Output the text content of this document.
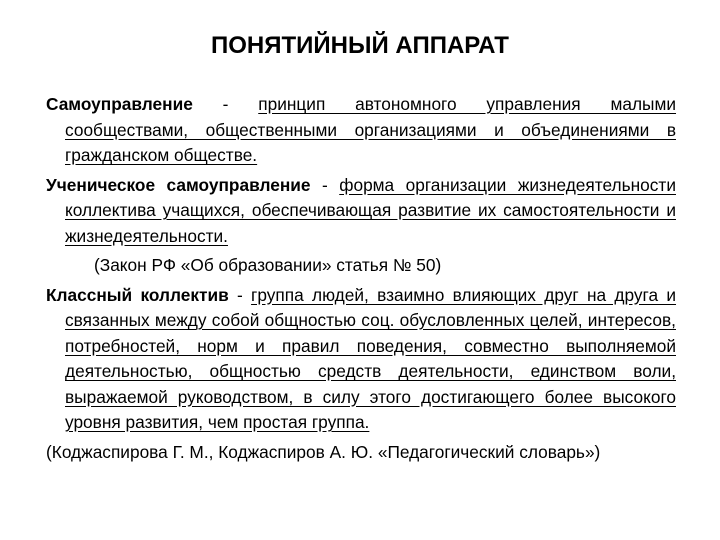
ПОНЯТИЙНЫЙ АППАРАТ

Самоуправление - принцип автономного управления малыми сообществами, общественными организациями и объединениями в гражданском обществе.

Ученическое самоуправление - форма организации жизнедеятельности коллектива учащихся, обеспечивающая развитие их самостоятельности и жизнедеятельности.

(Закон РФ «Об образовании» статья № 50)

Классный коллектив - группа людей, взаимно влияющих друг на друга и связанных между собой общностью соц. обусловленных целей, интересов, потребностей, норм и правил поведения, совместно выполняемой деятельностью, общностью средств деятельности, единством воли, выражаемой руководством, в силу этого достигающего более высокого уровня развития, чем простая группа.

(Коджаспирова Г. М., Коджаспиров А. Ю. «Педагогический словарь»)
